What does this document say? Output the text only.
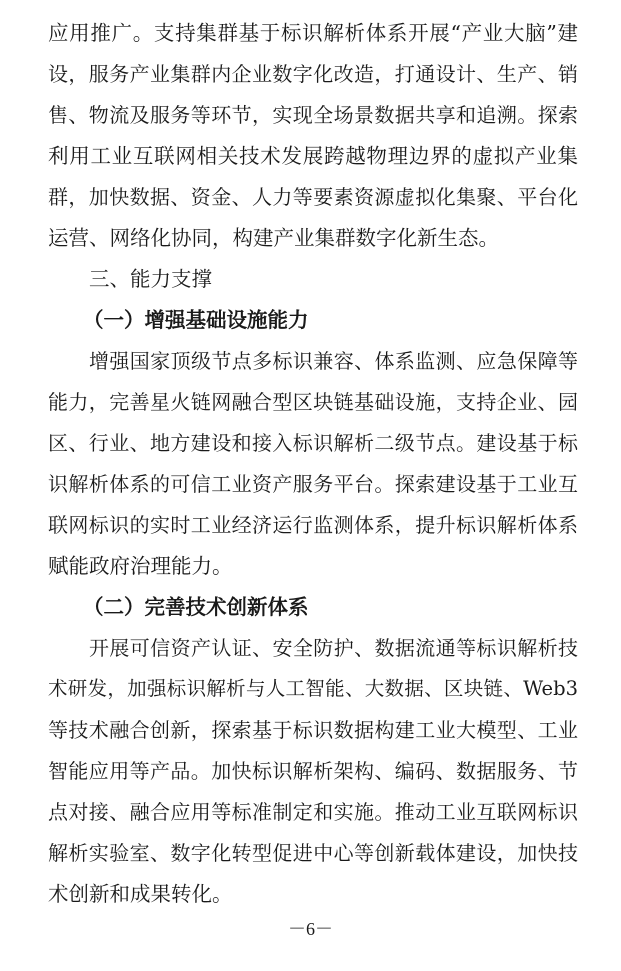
应用推广。支持集群基于标识解析体系开展“产业大脑”建
设，服务产业集群内企业数字化改造，打通设计、生产、销
售、物流及服务等环节，实现全场景数据共享和追溯。探索
利用工业互联网相关技术发展跨越物理边界的虚拟产业集
群，加快数据、资金、人力等要素资源虚拟化集聚、平台化
运营、网络化协同，构建产业集群数字化新生态。
三、能力支撑
（一）增强基础设施能力
增强国家顶级节点多标识兼容、体系监测、应急保障等
能力，完善星火链网融合型区块链基础设施，支持企业、园
区、行业、地方建设和接入标识解析二级节点。建设基于标
识解析体系的可信工业资产服务平台。探索建设基于工业互
联网标识的实时工业经济运行监测体系，提升标识解析体系
赋能政府治理能力。
（二）完善技术创新体系
开展可信资产认证、安全防护、数据流通等标识解析技
术研发，加强标识解析与人工智能、大数据、区块链、Web3
等技术融合创新，探索基于标识数据构建工业大模型、工业
智能应用等产品。加快标识解析架构、编码、数据服务、节
点对接、融合应用等标准制定和实施。推动工业互联网标识
解析实验室、数字化转型促进中心等创新载体建设，加快技
术创新和成果转化。
－6－
